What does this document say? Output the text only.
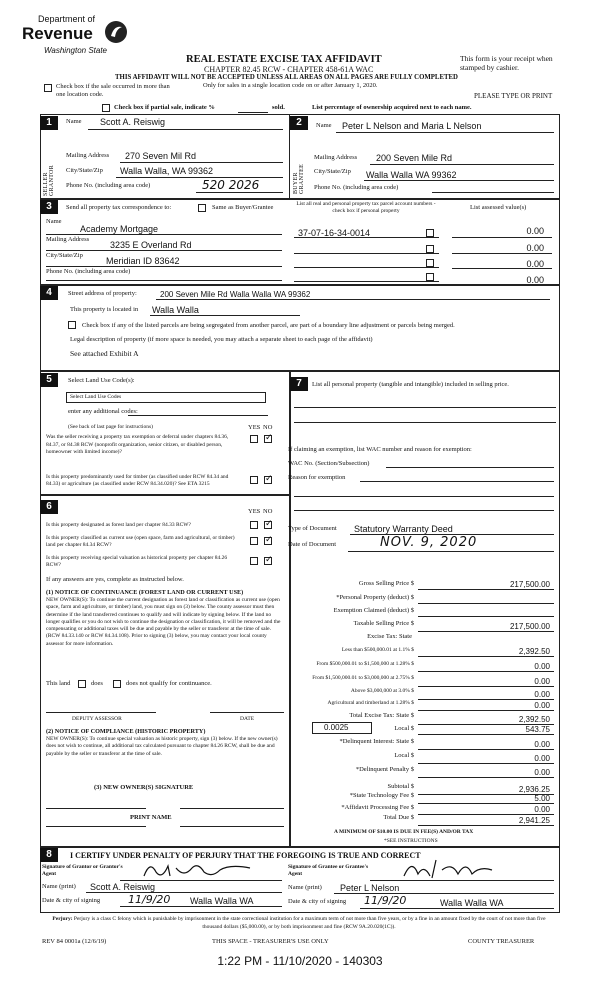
Department of
Revenue
Washington State
REAL ESTATE EXCISE TAX AFFIDAVIT
CHAPTER 82.45 RCW - CHAPTER 458-61A WAC
THIS AFFIDAVIT WILL NOT BE ACCEPTED UNLESS ALL AREAS ON ALL PAGES ARE FULLY COMPLETED
This form is your receipt when stamped by cashier.
Check box if the sale occurred in more than one location code.
Only for sales in a single location code on or after January 1, 2020.
PLEASE TYPE OR PRINT
Check box if partial sale, indicate %	sold.	List percentage of ownership acquired next to each name.
1
SELLER GRANTOR
Name Scott A. Reiswig
Mailing Address 270 Seven Mil Rd
City/State/Zip Walla Walla, WA 99362
Phone No. (including area code)	520 2026
2
BUYER GRANTEE
Name Peter L Nelson and Maria L Nelson
Mailing Address 200 Seven Mile Rd
City/State/Zip Walla Walla WA 99362
Phone No. (including area code)
3	Send all property tax correspondence to:	Same as Buyer/Grantee	List all real and personal property tax parcel account numbers - check box if personal property	List assessed value(s)
Name
Academy Mortgage
Mailing Address
3235 E Overland Rd
City/State/Zip
Meridian ID 83642
Phone No. (including area code)
37-07-16-34-0014	0.00
0.00
0.00
0.00
4	Street address of property:	200 Seven Mile Rd Walla Walla WA 99362
This property is located in Walla Walla
Check box if any of the listed parcels are being segregated from another parcel, are part of a boundary line adjustment or parcels being merged.
Legal description of property (if more space is needed, you may attach a separate sheet to each page of the affidavit)
See attached Exhibit A
5	Select Land Use Code(s):
Select Land Use Codes
enter any additional codes:
(See back of last page for instructions)	YES NO
Was the seller receiving a property tax exemption or deferral under chapters 84.36, 84.37, or 84.38 RCW (nonprofit organization, senior citizen, or disabled person, homeowner with limited income)?
✓
Is this property predominantly used for timber (as classified under RCW 84.34 and 84.33) or agriculture (as classified under RCW 84.34.020)? See ETA 3215
✓
6	YES NO
Is this property designated as forest land per chapter 84.33 RCW?
✓
Is this property classified as current use (open space, farm and agricultural, or timber) land per chapter 84.34 RCW?
✓
Is this property receiving special valuation as historical property per chapter 84.26 RCW?
✓
If any answers are yes, complete as instructed below.
(1) NOTICE OF CONTINUANCE (FOREST LAND OR CURRENT USE)
NEW OWNER(S): To continue the current designation as forest land or classification as current use (open space, farm and agriculture, or timber) land, you must sign on (3) below. The county assessor must then determine if the land transferred continues to qualify and will indicate by signing below. If the land no longer qualifies or you do not wish to continue the designation or classification, it will be removed and the compensating or additional taxes will be due and payable by the seller or transferor at the time of sale. (RCW 84.33.140 or RCW 84.34.108). Prior to signing (3) below, you may contact your local county assessor for more information.
This land	does	does not qualify for continuance.
DEPUTY ASSESSOR	DATE
(2) NOTICE OF COMPLIANCE (HISTORIC PROPERTY)
NEW OWNER(S): To continue special valuation as historic property, sign (3) below. If the new owner(s) does not wish to continue, all additional tax calculated pursuant to chapter 84.26 RCW, shall be due and payable by the seller or transferor at the time of sale.
(3) NEW OWNER(S) SIGNATURE
PRINT NAME
7	List all personal property (tangible and intangible) included in selling price.
If claiming an exemption, list WAC number and reason for exemption:
WAC No. (Section/Subsection)
Reason for exemption
Type of Document Statutory Warranty Deed
Date of Document	NOV. 9, 2020
Gross Selling Price $	217,500.00
*Personal Property (deduct) $
Exemption Claimed (deduct) $
Taxable Selling Price $	217,500.00
Excise Tax: State
Less than $500,000.01 at 1.1% $	2,392.50
From $500,000.01 to $1,500,000 at 1.28% $	0.00
From $1,500,000.01 to $3,000,000 at 2.75% $	0.00
Above $3,000,000 at 3.0% $	0.00
Agricultural and timberland at 1.28% $	0.00
Total Excise Tax: State $	2,392.50
0.0025	Local $	543.75
*Delinquent Interest: State $	0.00
Local $	0.00
*Delinquent Penalty $	0.00
Subtotal $	2,936.25
*State Technology Fee $	5.00
*Affidavit Processing Fee $	0.00
Total Due $	2,941.25
A MINIMUM OF $10.00 IS DUE IN FEE(S) AND/OR TAX
*SEE INSTRUCTIONS
8	I CERTIFY UNDER PENALTY OF PERJURY THAT THE FOREGOING IS TRUE AND CORRECT
Signature of Grantor or Grantor's Agent
Name (print) Scott A. Reiswig
Date & city of signing	11/9/20 Walla Walla WA
Signature of Grantee or Grantee's Agent
Name (print) Peter L Nelson
Date & city of signing 11/9/20	Walla Walla WA
Perjury: Perjury is a class C felony which is punishable by imprisonment in the state correctional institution for a maximum term of not more than five years, or by a fine in an amount fixed by the court of not more than five thousand dollars ($5,000.00), or by both imprisonment and fine (RCW 9A.20.020(1C)).
REV 84 0001a (12/6/19)	THIS SPACE - TREASURER'S USE ONLY	COUNTY TREASURER
1:22 PM - 11/10/2020 - 140303
